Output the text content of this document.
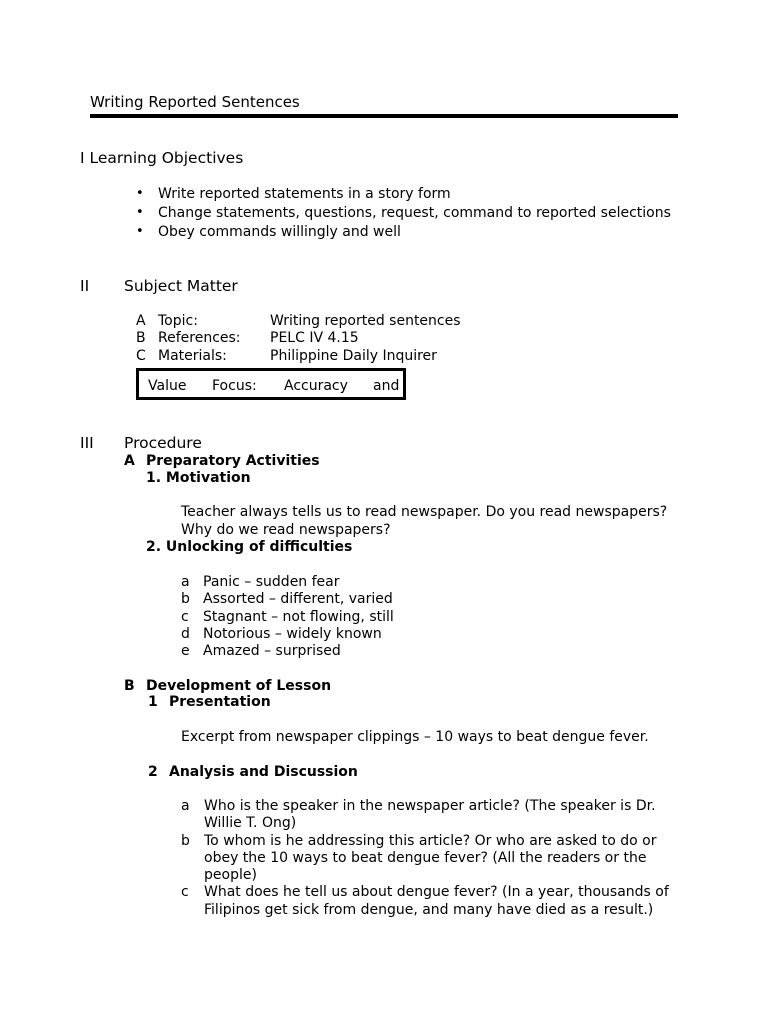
Writing Reported Sentences
I Learning Objectives
• Write reported statements in a story form
• Change statements, questions, request, command to reported selections
• Obey commands willingly and well
II Subject Matter
A Topic:	Writing reported sentences
B References: PELC IV 4.15
C Materials:	Philippine Daily Inquirer
Value Focus: Accuracy and
III Procedure
A Preparatory Activities
1. Motivation
Teacher always tells us to read newspaper. Do you read newspapers?
Why do we read newspapers?
2. Unlocking of difficulties
a Panic – sudden fear
b Assorted – different, varied
c Stagnant – not flowing, still
d Notorious – widely known
e Amazed – surprised
B Development of Lesson
1 Presentation
Excerpt from newspaper clippings – 10 ways to beat dengue fever.
2 Analysis and Discussion
a Who is the speaker in the newspaper article? (The speaker is Dr.
Willie T. Ong)
b To whom is he addressing this article? Or who are asked to do or
obey the 10 ways to beat dengue fever? (All the readers or the
people)
c What does he tell us about dengue fever? (In a year, thousands of
Filipinos get sick from dengue, and many have died as a result.)
